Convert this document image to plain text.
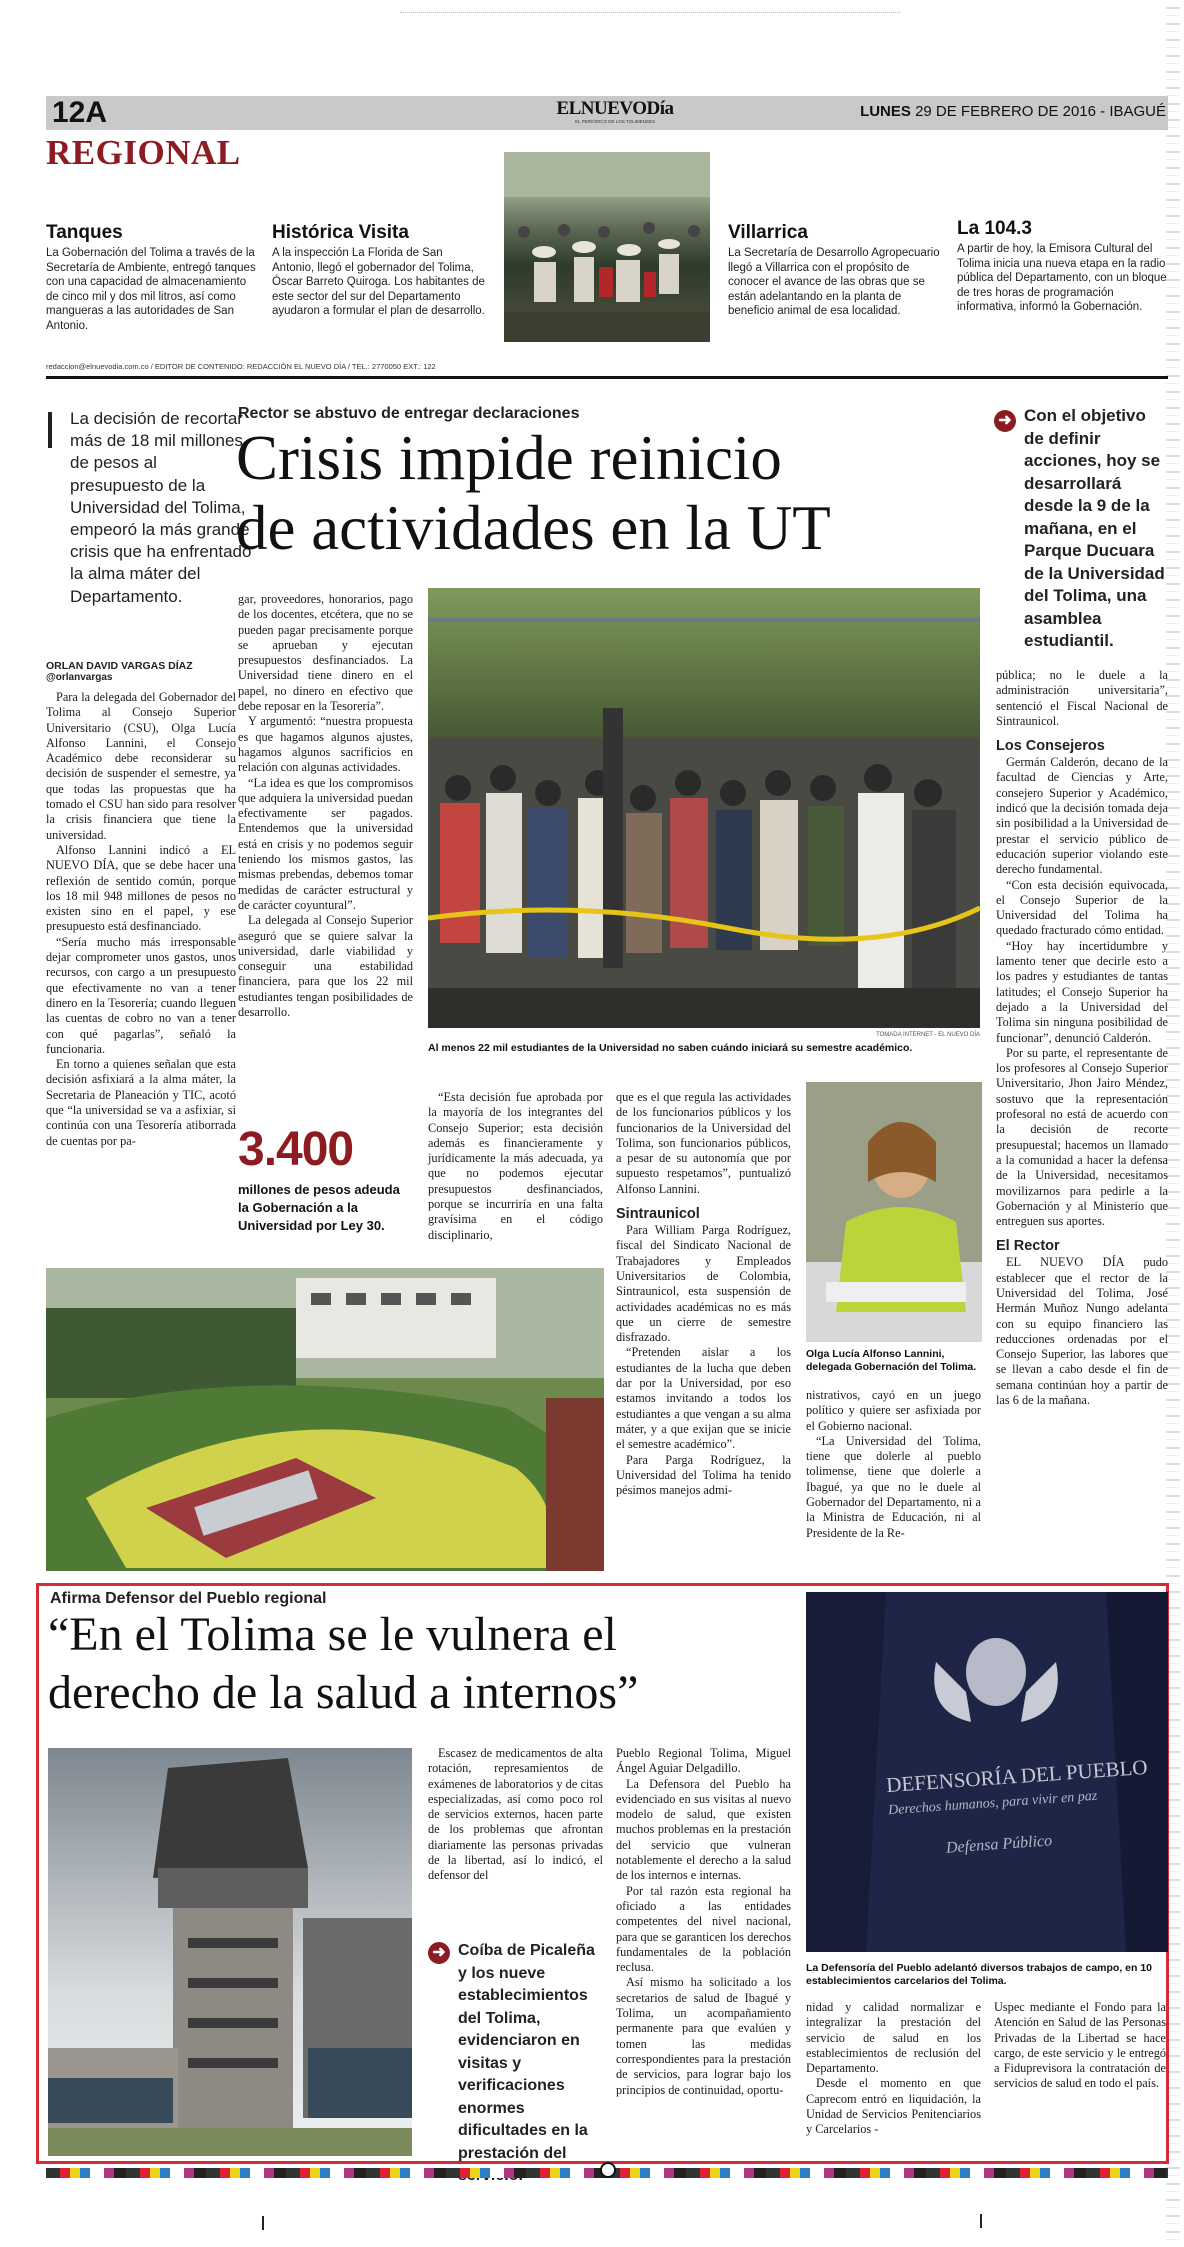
12A	ELNUEVODía
EL PERIÓDICO DE LOS TOLIMENSES
LUNES 29 DE FEBRERO DE 2016 - IBAGUÉ
REGIONAL
Tanques

La Gobernación del Tolima a través de la Secretaría de Ambiente, entregó tanques con una capacidad de almacenamiento de cinco mil y dos mil litros, así como mangueras a las autoridades de San Antonio.

Histórica Visita

A la inspección La Florida de San Antonio, llegó el gobernador del Tolima, Óscar Barreto Quiroga. Los habitantes de este sector del sur del Departamento ayudaron a formular el plan de desarrollo.

Villarrica

La Secretaría de Desarrollo Agropecuario llegó a Villarrica con el propósito de conocer el avance de las obras que se están adelantando en la planta de beneficio animal de esa localidad.

La 104.3

A partir de hoy, la Emisora Cultural del Tolima inicia una nueva etapa en la radio pública del Departamento, con un bloque de tres horas de programación informativa, informó la Gobernación.

redaccion@elnuevodia.com.co / EDITOR DE CONTENIDO: REDACCIÓN EL NUEVO DÍA / TEL.: 2770050 EXT.: 122
La decisión de recortar más de 18 mil millones de pesos al presupuesto de la Universidad del Tolima, empeoró la más grande crisis que ha enfrentado la alma máter del Departamento.
Rector se abstuvo de entregar declaraciones
Crisis impide reinicio
de actividades en la UT
ORLAN DAVID VARGAS DÍAZ
@orlanvargas

Para la delegada del Gobernador del Tolima al Consejo Superior Universitario (CSU), Olga Lucía Alfonso Lannini, el Consejo Académico debe reconsiderar su decisión de suspender el semestre, ya que todas las propuestas que ha tomado el CSU han sido para resolver la crisis financiera que tiene la universidad.

Alfonso Lannini indicó a EL NUEVO DÍA, que se debe hacer una reflexión de sentido común, porque los 18 mil 948 millones de pesos no existen sino en el papel, y ese presupuesto está desfinanciado.

“Sería mucho más irresponsable dejar comprometer unos gastos, unos recursos, con cargo a un presupuesto que efectivamente no van a tener dinero en la Tesorería; cuando lleguen las cuentas de cobro no van a tener con qué pagarlas”, señaló la funcionaria.

En torno a quienes señalan que esta decisión asfixiará a la alma máter, la Secretaria de Planeación y TIC, acotó que “la universidad se va a asfixiar, si continúa con una Tesorería atiborrada de cuentas por pa-

gar, proveedores, honorarios, pago de los docentes, etcétera, que no se pueden pagar precisamente porque se aprueban y ejecutan presupuestos desfinanciados. La Universidad tiene dinero en el papel, no dinero en efectivo que debe reposar en la Tesorería”.

Y argumentó: “nuestra propuesta es que hagamos algunos ajustes, hagamos algunos sacrificios en relación con algunas actividades.

“La idea es que los compromisos que adquiera la universidad puedan efectivamente ser pagados. Entendemos que la universidad está en crisis y no podemos seguir teniendo los mismos gastos, las mismas prebendas, debemos tomar medidas de carácter estructural y de carácter coyuntural”.

La delegada al Consejo Superior aseguró que se quiere salvar la universidad, darle viabilidad y conseguir una estabilidad financiera, para que los 22 mil estudiantes tengan posibilidades de desarrollo.

TOMADA INTERNET - EL NUEVO DÍA
Al menos 22 mil estudiantes de la Universidad no saben cuándo iniciará su semestre académico.
3.400
millones de pesos adeuda la Gobernación a la Universidad por Ley 30.

“Esta decisión fue aprobada por la mayoría de los integrantes del Consejo Superior; esta decisión además es financieramente y jurídicamente la más adecuada, ya que no podemos ejecutar presupuestos desfinanciados, porque se incurriría en una falta gravísima en el código disciplinario,

que es el que regula las actividades de los funcionarios públicos y los funcionarios de la Universidad del Tolima, son funcionarios públicos, a pesar de su autonomía que por supuesto respetamos”, puntualizó Alfonso Lannini.

Sintraunicol

Para William Parga Rodríguez, fiscal del Sindicato Nacional de Trabajadores y Empleados Universitarios de Colombia, Sintraunicol, esta suspensión de actividades académicas no es más que un cierre de semestre disfrazado.

“Pretenden aislar a los estudiantes de la lucha que deben dar por la Universidad, por eso estamos invitando a todos los estudiantes a que vengan a su alma máter, y a que exijan que se inicie el semestre académico”.

Para Parga Rodríguez, la Universidad del Tolima ha tenido pésimos manejos admi-

Olga Lucía Alfonso Lannini, delegada Gobernación del Tolima.

nistrativos, cayó en un juego político y quiere ser asfixiada por el Gobierno nacional.

“La Universidad del Tolima, tiene que dolerle al pueblo tolimense, tiene que dolerle a Ibagué, ya que no le duele al Gobernador del Departamento, ni a la Ministra de Educación, ni al Presidente de la Re-

➜ Con el objetivo de definir acciones, hoy se desarrollará desde la 9 de la mañana, en el Parque Ducuara de la Universidad del Tolima, una asamblea estudiantil.

pública; no le duele a la administración universitaria”, sentenció el Fiscal Nacional de Sintraunicol.

Los Consejeros

Germán Calderón, decano de la facultad de Ciencias y Arte, consejero Superior y Académico, indicó que la decisión tomada deja sin posibilidad a la Universidad de prestar el servicio público de educación superior violando este derecho fundamental.

“Con esta decisión equivocada, el Consejo Superior de la Universidad del Tolima ha quedado fracturado cómo entidad.

“Hoy hay incertidumbre y lamento tener que decirle esto a los padres y estudiantes de tantas latitudes; el Consejo Superior ha dejado a la Universidad del Tolima sin ninguna posibilidad de funcionar”, denunció Calderón.

Por su parte, el representante de los profesores al Consejo Superior Universitario, Jhon Jairo Méndez, sostuvo que la representación profesoral no está de acuerdo con la decisión de recorte presupuestal; hacemos un llamado a la comunidad a hacer la defensa de la Universidad, necesitamos movilizarnos para pedirle a la Gobernación y al Ministerio que entreguen sus aportes.

El Rector

EL NUEVO DÍA pudo establecer que el rector de la Universidad del Tolima, José Hermán Muñoz Nungo adelanta con su equipo financiero las reducciones ordenadas por el Consejo Superior, las labores que se llevan a cabo desde el fin de semana continúan hoy a partir de las 6 de la mañana.

Afirma Defensor del Pueblo regional
“En el Tolima se le vulnera el
derecho de la salud a internos”

Escasez de medicamentos de alta rotación, represamientos de exámenes de laboratorios y de citas especializadas, así como poco rol de servicios externos, hacen parte de los problemas que afrontan diariamente las personas privadas de la libertad, así lo indicó, el defensor del

➜ Coíba de Picaleña y los nueve establecimientos del Tolima, evidenciaron en visitas y verificaciones enormes dificultades en la prestación del

Pueblo Regional Tolima, Miguel Ángel Aguiar Delgadillo.

La Defensora del Pueblo ha evidenciado en sus visitas al nuevo modelo de salud, que existen muchos problemas en la prestación del servicio que vulneran notablemente el derecho a la salud de los internos e internas.

Por tal razón esta regional ha oficiado a las entidades competentes del nivel nacional, para que se garanticen los derechos fundamentales de la población reclusa.

Así mismo ha solicitado a los secretarios de salud de Ibagué y Tolima, un acompañamiento permanente para que evalúen y tomen las medidas correspondientes para la prestación de servicios, para lograr bajo los principios de continuidad, oportu-

DEFENSORÍA DEL PUEBLO
Derechos humanos, para vivir en paz
Defensa Público
La Defensoría del Pueblo adelantó diversos trabajos de campo, en 10 establecimientos carcelarios del Tolima.

nidad y calidad normalizar e integralizar la prestación del servicio de salud en los establecimientos de reclusión del Departamento.

Desde el momento en que Caprecom entró en liquidación, la Unidad de Servicios Penitenciarios y Carcelarios -

Uspec mediante el Fondo para la Atención en Salud de las Personas Privadas de la Libertad se hace cargo, de este servicio y le entregó a Fiduprevisora la contratación de servicios de salud en todo el país.
